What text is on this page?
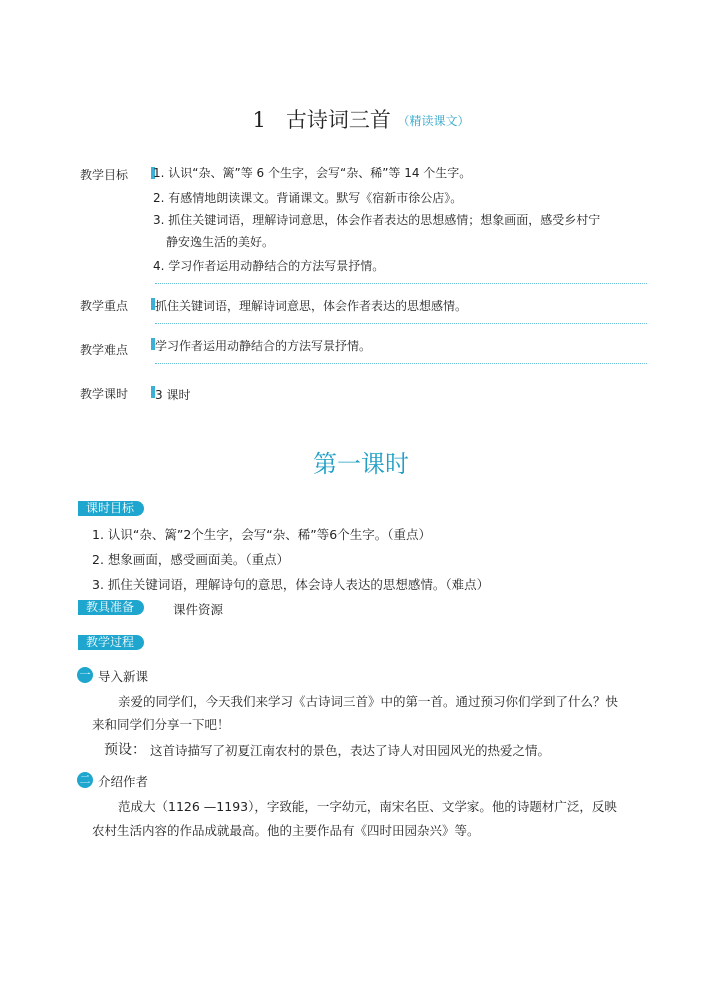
1 古诗词三首 （精读课文）
教学目标 1. 认识“杂、篱”等 6 个生字，会写“杂、稀”等 14 个生字。
2. 有感情地朗读课文。背诵课文。默写《宿新市徐公店》。
3. 抓住关键词语，理解诗词意思，体会作者表达的思想感情；想象画面，感受乡村宁
静安逸生活的美好。
4. 学习作者运用动静结合的方法写景抒情。
教学重点 抓住关键词语，理解诗词意思，体会作者表达的思想感情。
教学难点 学习作者运用动静结合的方法写景抒情。
教学课时 3 课时
第一课时
课时目标
1. 认识“杂、篱”2个生字，会写“杂、稀”等6个生字。（重点）
2. 想象画面，感受画面美。（重点）
3. 抓住关键词语，理解诗句的意思，体会诗人表达的思想感情。（难点）
教具准备	课件资源
教学过程
一 导入新课
亲爱的同学们，今天我们来学习《古诗词三首》中的第一首。通过预习你们学到了什么？快
来和同学们分享一下吧！
预设： 这首诗描写了初夏江南农村的景色，表达了诗人对田园风光的热爱之情。
二 介绍作者
范成大（1126 —1193），字致能，一字幼元，南宋名臣、文学家。他的诗题材广泛，反映
农村生活内容的作品成就最高。他的主要作品有《四时田园杂兴》等。
